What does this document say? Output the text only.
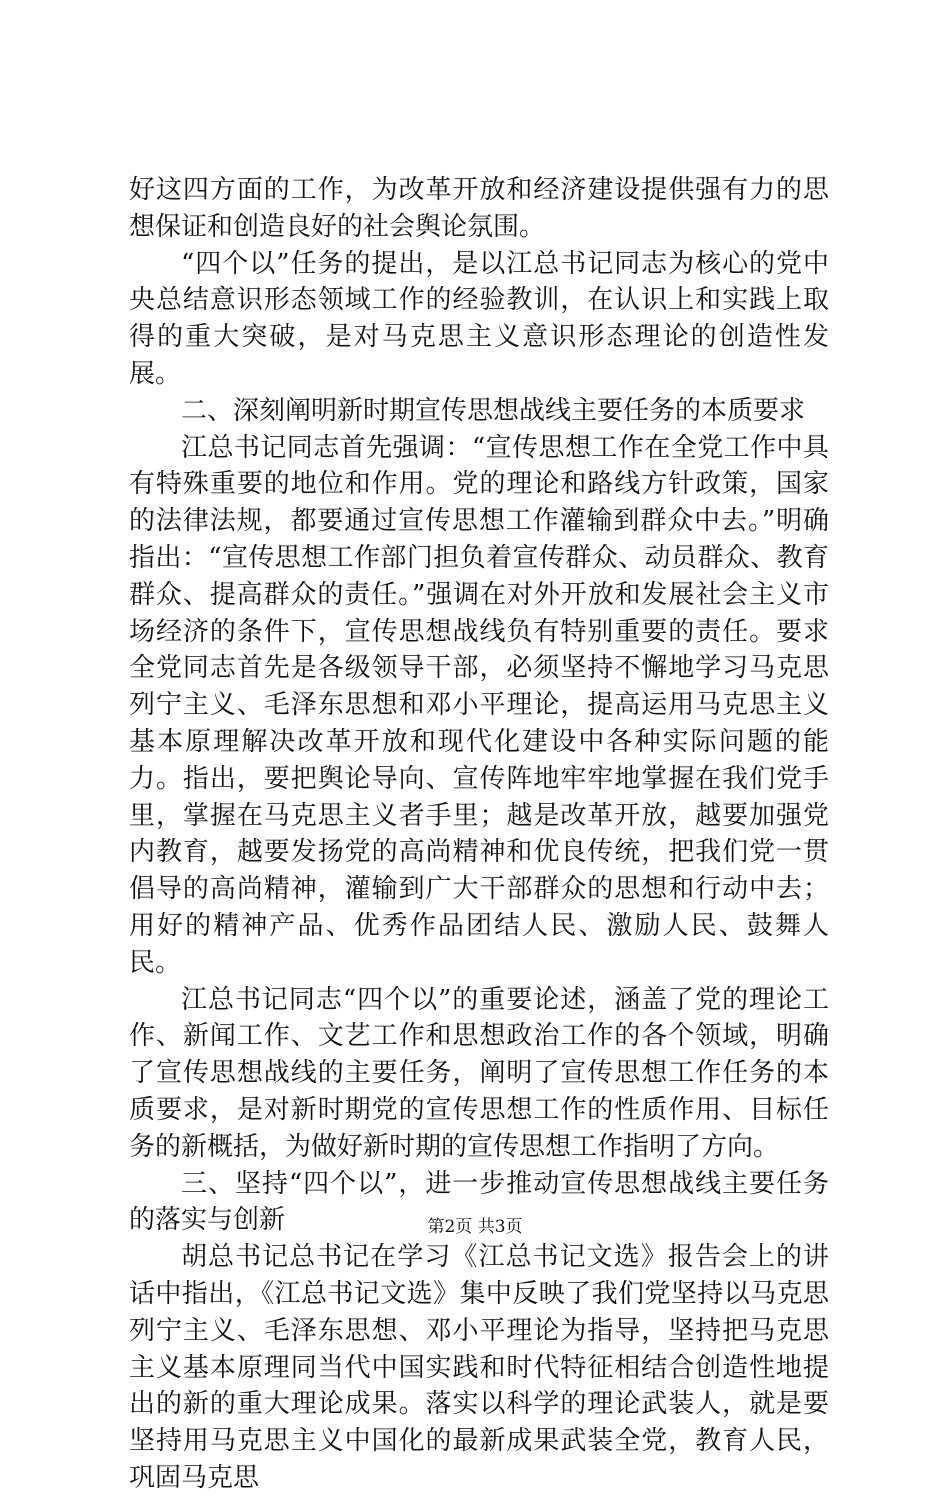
好这四方面的工作，为改革开放和经济建设提供强有力的思想保证和创造良好的社会舆论氛围。

“四个以”任务的提出，是以江总书记同志为核心的党中央总结意识形态领域工作的经验教训，在认识上和实践上取得的重大突破，是对马克思主义意识形态理论的创造性发展。

二、深刻阐明新时期宣传思想战线主要任务的本质要求

江总书记同志首先强调：“宣传思想工作在全党工作中具有特殊重要的地位和作用。党的理论和路线方针政策，国家的法律法规，都要通过宣传思想工作灌输到群众中去。”明确指出：“宣传思想工作部门担负着宣传群众、动员群众、教育群众、提高群众的责任。”强调在对外开放和发展社会主义市场经济的条件下，宣传思想战线负有特别重要的责任。要求全党同志首先是各级领导干部，必须坚持不懈地学习马克思列宁主义、毛泽东思想和邓小平理论，提高运用马克思主义基本原理解决改革开放和现代化建设中各种实际问题的能力。指出，要把舆论导向、宣传阵地牢牢地掌握在我们党手里，掌握在马克思主义者手里；越是改革开放，越要加强党内教育，越要发扬党的高尚精神和优良传统，把我们党一贯倡导的高尚精神，灌输到广大干部群众的思想和行动中去；用好的精神产品、优秀作品团结人民、激励人民、鼓舞人民。

江总书记同志“四个以”的重要论述，涵盖了党的理论工作、新闻工作、文艺工作和思想政治工作的各个领域，明确了宣传思想战线的主要任务，阐明了宣传思想工作任务的本质要求，是对新时期党的宣传思想工作的性质作用、目标任务的新概括，为做好新时期的宣传思想工作指明了方向。

三、坚持“四个以”，进一步推动宣传思想战线主要任务的落实与创新

胡总书记总书记在学习《江总书记文选》报告会上的讲话中指出，《江总书记文选》集中反映了我们党坚持以马克思列宁主义、毛泽东思想、邓小平理论为指导，坚持把马克思主义基本原理同当代中国实践和时代特征相结合创造性地提出的新的重大理论成果。落实以科学的理论武装人，就是要坚持用马克思主义中国化的最新成果武装全党，教育人民，巩固马克思

第2页 共3页
